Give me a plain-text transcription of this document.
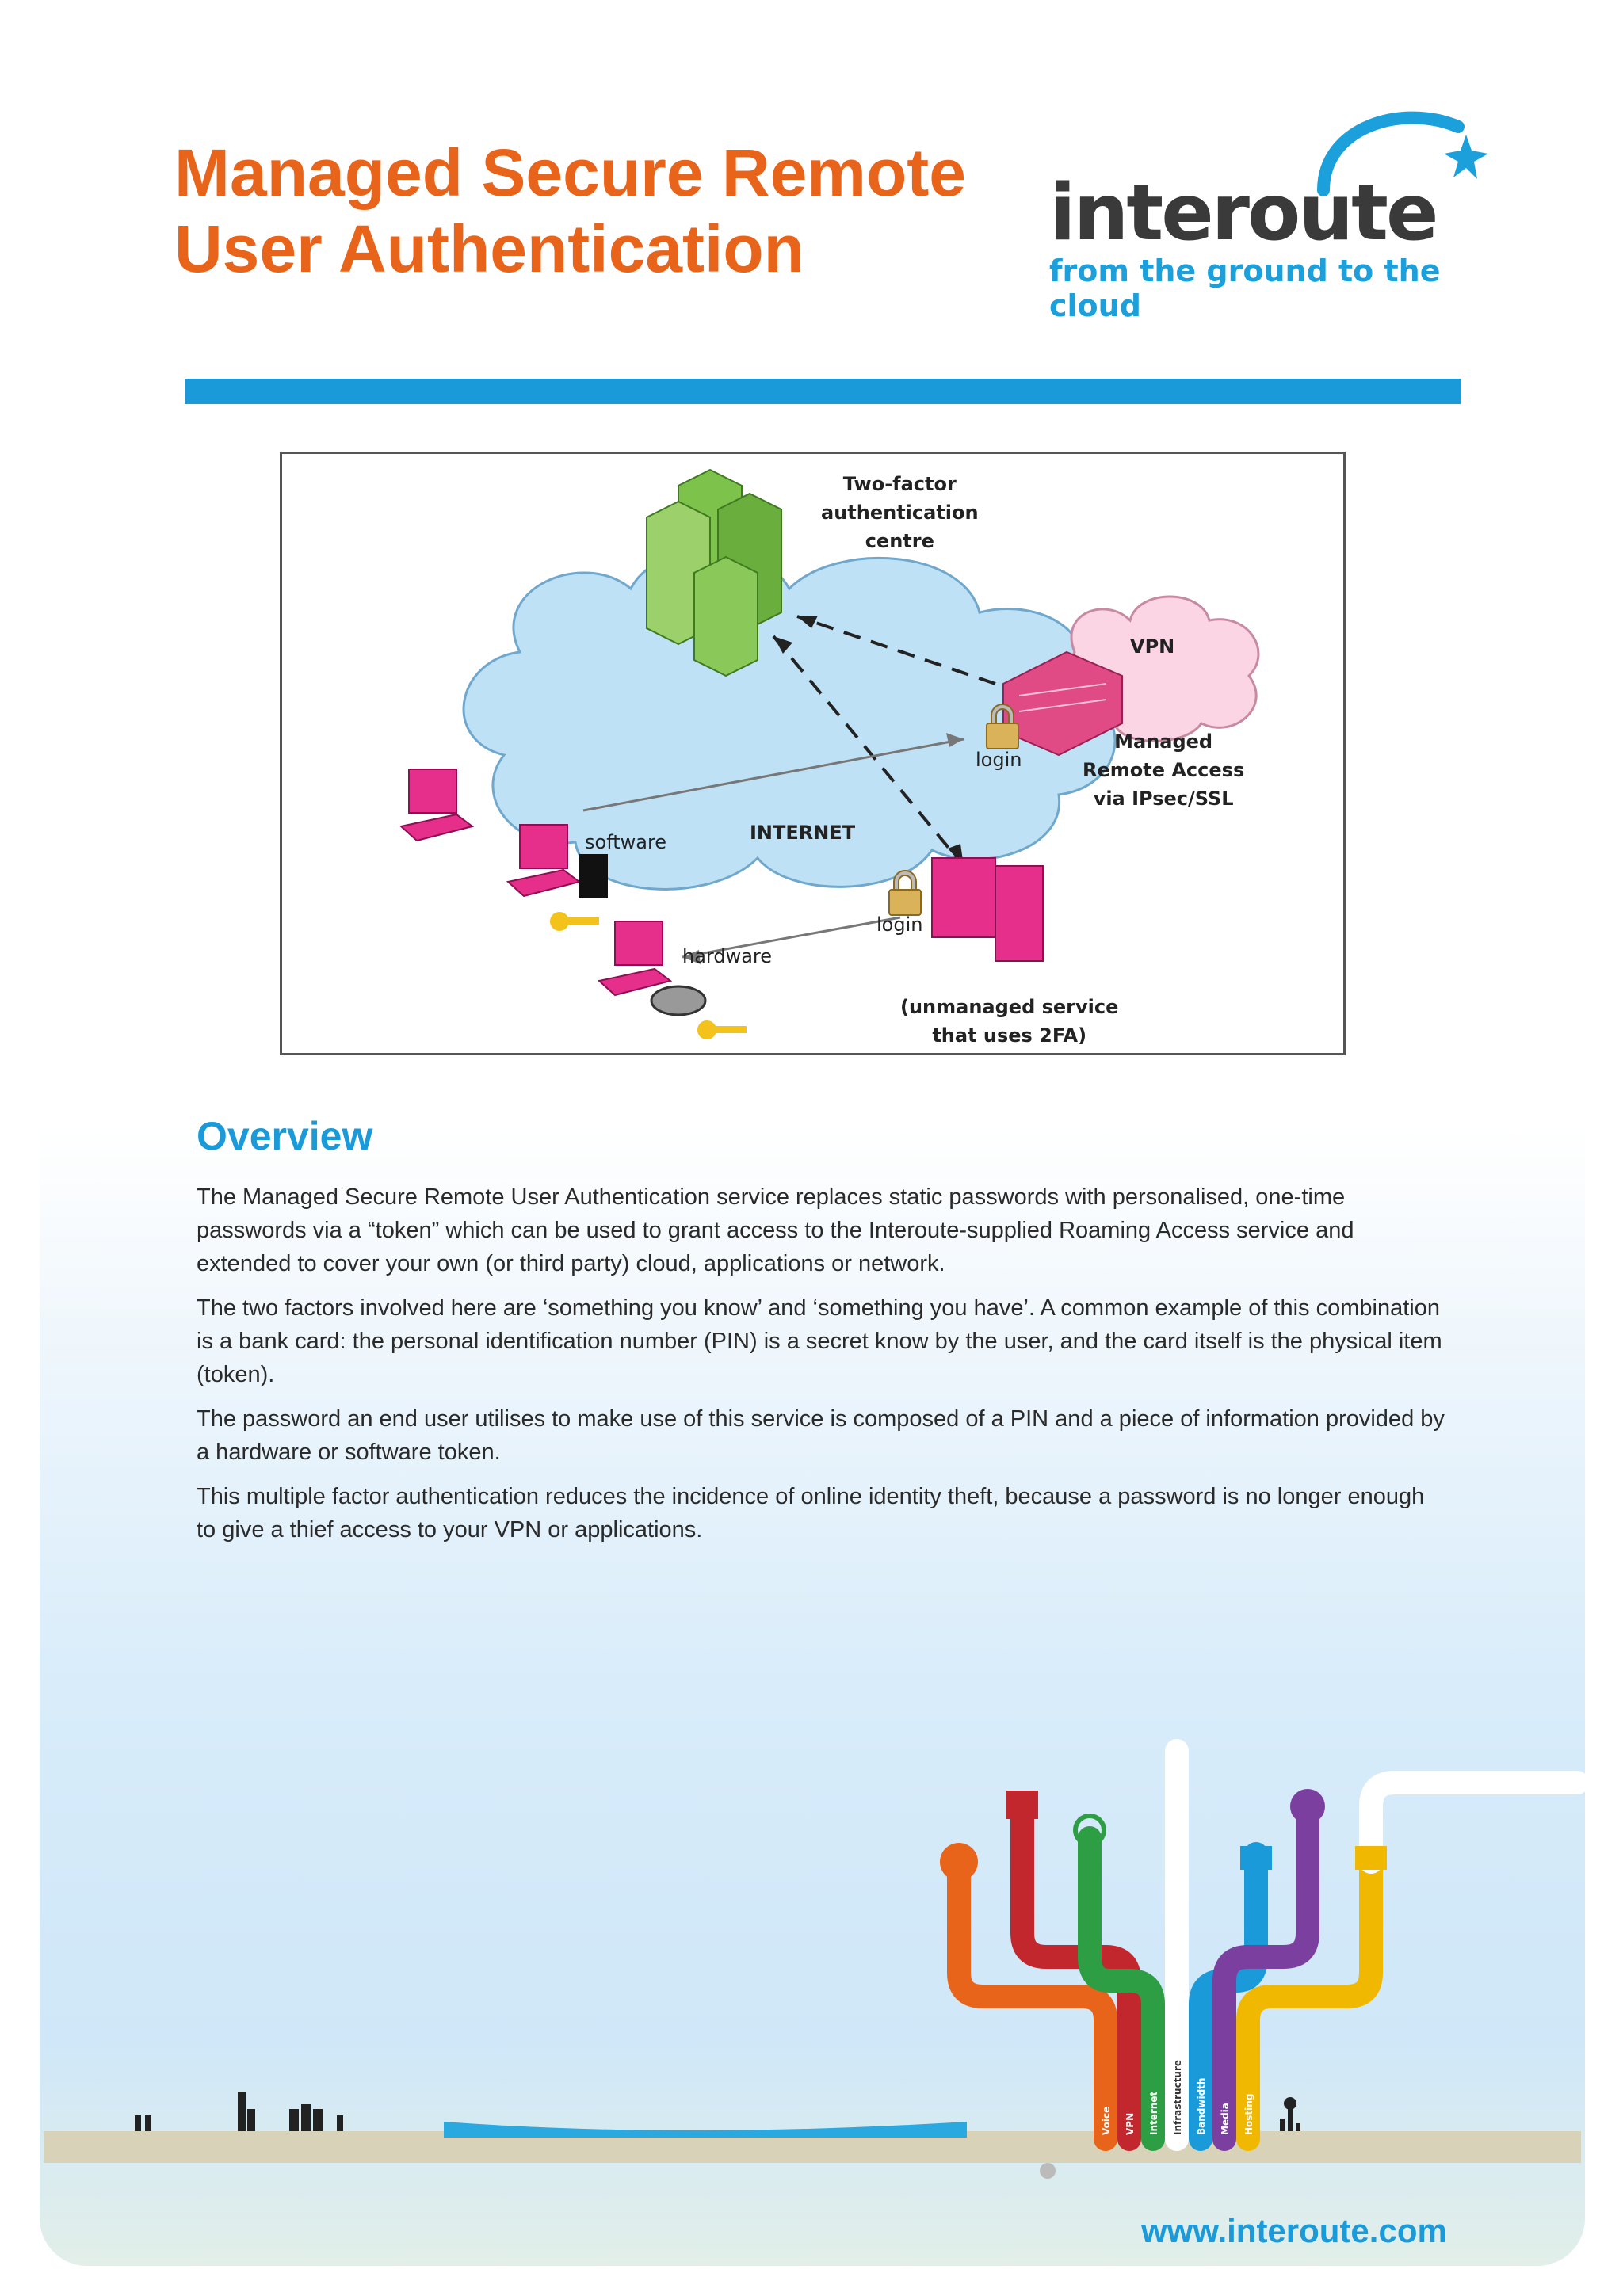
Managed Secure Remote
User Authentication	interoute
from the ground to the cloud
Two-factor
authentication
centre
VPN
Managed
Remote Access
via IPsec/SSL
INTERNET
software
hardware
login
login
(unmanaged service
that uses 2FA)
Overview

The Managed Secure Remote User Authentication service replaces static passwords with personalised, one-time passwords via a “token” which can be used to grant access to the Interoute-supplied Roaming Access service and extended to cover your own (or third party) cloud, applications or network.

The two factors involved here are ‘something you know’ and ‘something you have’. A common example of this combination is a bank card: the personal identification number (PIN) is a secret know by the user, and the card itself is the physical item (token).

The password an end user utilises to make use of this service is composed of a PIN and a piece of information provided by a hardware or software token.

This multiple factor authentication reduces the incidence of online identity theft, because a password is no longer enough to give a thief access to your VPN or applications.

Voice VPN Internet Infrastructure Bandwidth Media Hosting
www.interoute.com
